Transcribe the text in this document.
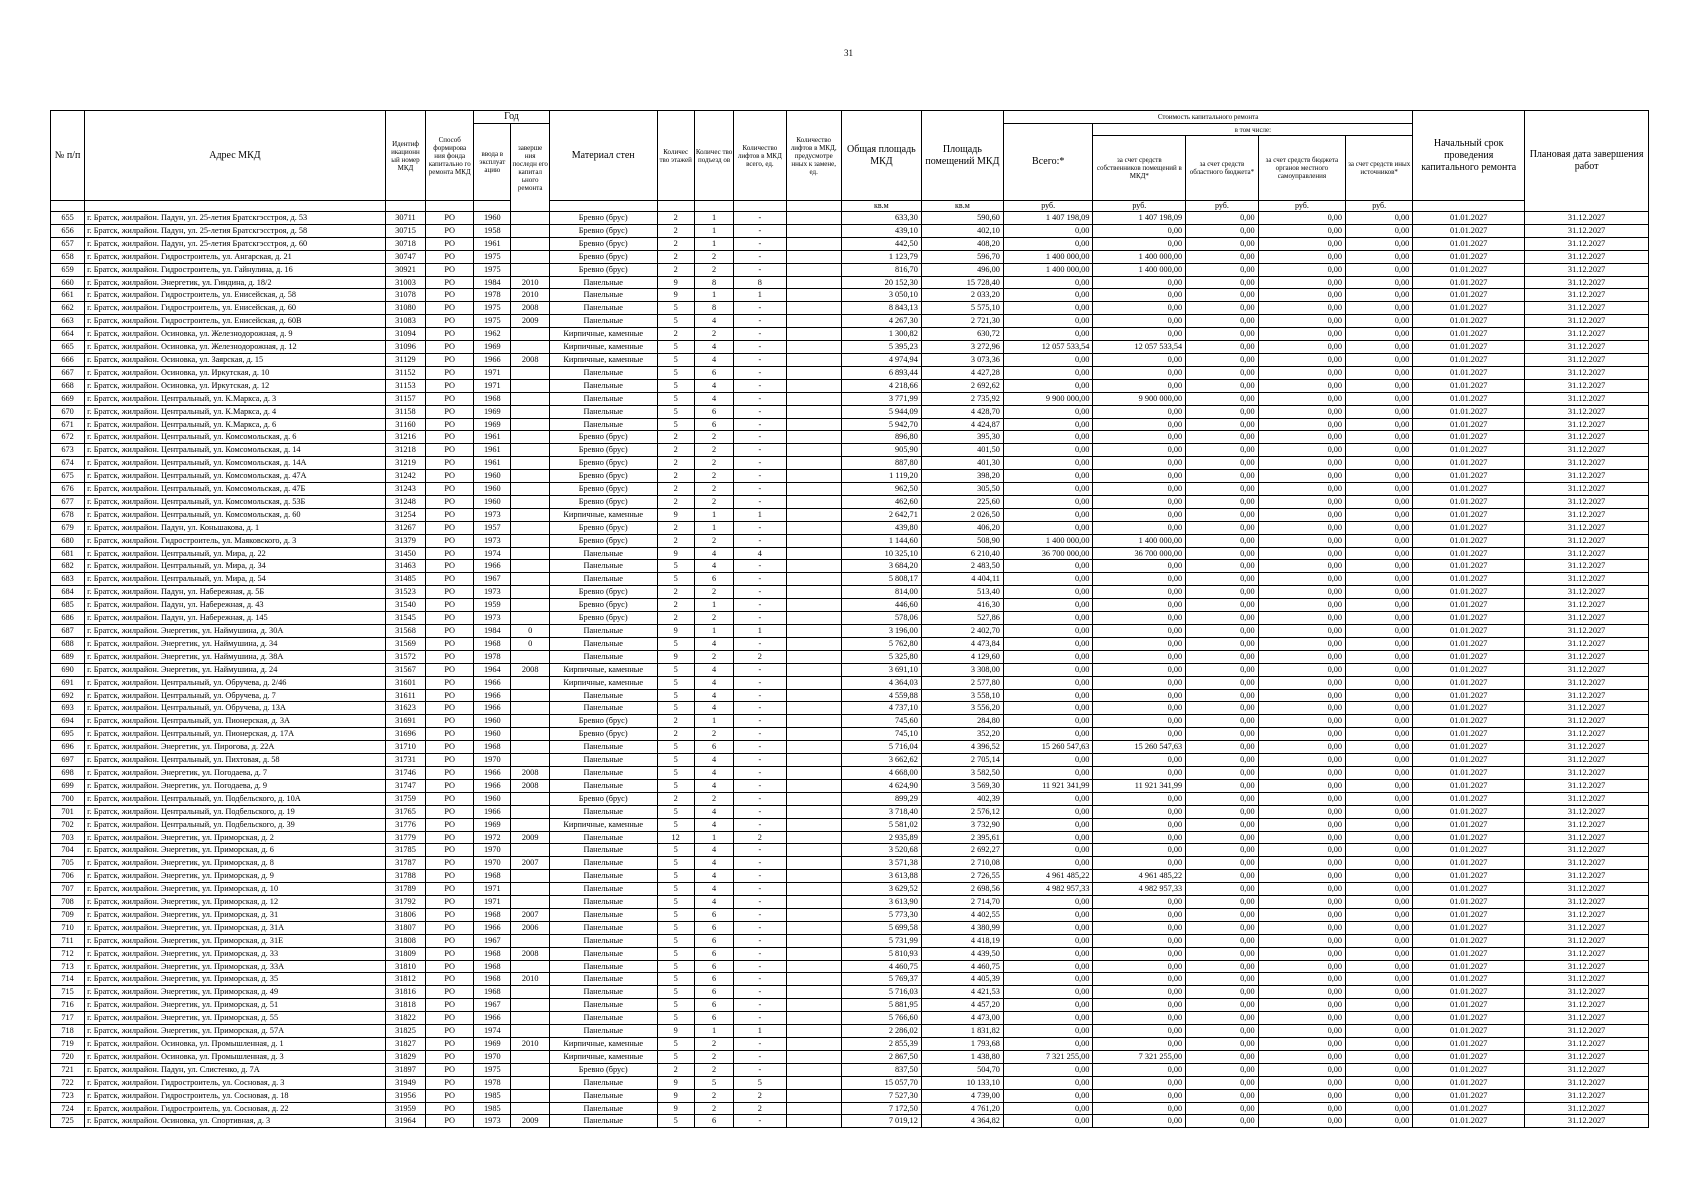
31
№ п/п	Адрес МКД	Идентиф икационн ый номер МКД	Способ формирова ния фонда капитально го ремонта МКД	Год		Материал стен	Количес тво этажей	Количес тво подъезд ов	Количество лифтов в МКД всего, ед.	Количество лифтов в МКД, предусмотре нных к замене, ед.	Общая площадь МКД	Площадь помещений МКД	Стоимость капитального ремонта					Начальный срок проведения капитального ремонта	Плановая дата завершения работ
				ввода в эксплуат ацию	заверше ния последн его капитал ьного ремонта								Всего:*	в том числе:					
														за счет средств собственников помещений в МКД*	за счет средств областного бюджета*	за счет средств бюджета органов местного самоуправления	за счет средств иных источников*		
											кв.м	кв.м	руб.	руб.	руб.	руб.	руб.		
655	г. Братск, жилрайон. Падун, ул. 25-летия Братскгэсстроя, д. 53	30711	РО	1960		Бревно (брус)	2	1	-		633,30	590,60	1 407 198,09	1 407 198,09	0,00	0,00	0,00	01.01.2027	31.12.2027
656	г. Братск, жилрайон. Падун, ул. 25-летия Братскгэсстроя, д. 58	30715	РО	1958		Бревно (брус)	2	1	-		439,10	402,10	0,00	0,00	0,00	0,00	0,00	01.01.2027	31.12.2027
657	г. Братск, жилрайон. Падун, ул. 25-летия Братскгэсстроя, д. 60	30718	РО	1961		Бревно (брус)	2	1	-		442,50	408,20	0,00	0,00	0,00	0,00	0,00	01.01.2027	31.12.2027
658	г. Братск, жилрайон. Гидростроитель, ул. Ангарская, д. 21	30747	РО	1975		Бревно (брус)	2	2	-		1 123,79	596,70	1 400 000,00	1 400 000,00	0,00	0,00	0,00	01.01.2027	31.12.2027
659	г. Братск, жилрайон. Гидростроитель, ул. Гайнулина, д. 16	30921	РО	1975		Бревно (брус)	2	2	-		816,70	496,00	1 400 000,00	1 400 000,00	0,00	0,00	0,00	01.01.2027	31.12.2027
660	г. Братск, жилрайон. Энергетик, ул. Гиндина, д. 18/2	31003	РО	1984	2010	Панельные	9	8	8		20 152,30	15 728,40	0,00	0,00	0,00	0,00	0,00	01.01.2027	31.12.2027
661	г. Братск, жилрайон. Гидростроитель, ул. Енисейская, д. 58	31078	РО	1978	2010	Панельные	9	1	1		3 050,10	2 033,20	0,00	0,00	0,00	0,00	0,00	01.01.2027	31.12.2027
662	г. Братск, жилрайон. Гидростроитель, ул. Енисейская, д. 60	31080	РО	1975	2008	Панельные	5	8	-		8 843,13	5 575,10	0,00	0,00	0,00	0,00	0,00	01.01.2027	31.12.2027
663	г. Братск, жилрайон. Гидростроитель, ул. Енисейская, д. 60В	31083	РО	1975	2009	Панельные	5	4	-		4 267,30	2 721,30	0,00	0,00	0,00	0,00	0,00	01.01.2027	31.12.2027
664	г. Братск, жилрайон. Осиновка, ул. Железнодорожная, д. 9	31094	РО	1962		Кирпичные, каменные	2	2	-		1 300,82	630,72	0,00	0,00	0,00	0,00	0,00	01.01.2027	31.12.2027
665	г. Братск, жилрайон. Осиновка, ул. Железнодорожная, д. 12	31096	РО	1969		Кирпичные, каменные	5	4	-		5 395,23	3 272,96	12 057 533,54	12 057 533,54	0,00	0,00	0,00	01.01.2027	31.12.2027
666	г. Братск, жилрайон. Осиновка, ул. Заярская, д. 15	31129	РО	1966	2008	Кирпичные, каменные	5	4	-		4 974,94	3 073,36	0,00	0,00	0,00	0,00	0,00	01.01.2027	31.12.2027
667	г. Братск, жилрайон. Осиновка, ул. Иркутская, д. 10	31152	РО	1971		Панельные	5	6	-		6 893,44	4 427,28	0,00	0,00	0,00	0,00	0,00	01.01.2027	31.12.2027
668	г. Братск, жилрайон. Осиновка, ул. Иркутская, д. 12	31153	РО	1971		Панельные	5	4	-		4 218,66	2 692,62	0,00	0,00	0,00	0,00	0,00	01.01.2027	31.12.2027
669	г. Братск, жилрайон. Центральный, ул. К.Маркса, д. 3	31157	РО	1968		Панельные	5	4	-		3 771,99	2 735,92	9 900 000,00	9 900 000,00	0,00	0,00	0,00	01.01.2027	31.12.2027
670	г. Братск, жилрайон. Центральный, ул. К.Маркса, д. 4	31158	РО	1969		Панельные	5	6	-		5 944,09	4 428,70	0,00	0,00	0,00	0,00	0,00	01.01.2027	31.12.2027
671	г. Братск, жилрайон. Центральный, ул. К.Маркса, д. 6	31160	РО	1969		Панельные	5	6	-		5 942,70	4 424,87	0,00	0,00	0,00	0,00	0,00	01.01.2027	31.12.2027
672	г. Братск, жилрайон. Центральный, ул. Комсомольская, д. 6	31216	РО	1961		Бревно (брус)	2	2	-		896,80	395,30	0,00	0,00	0,00	0,00	0,00	01.01.2027	31.12.2027
673	г. Братск, жилрайон. Центральный, ул. Комсомольская, д. 14	31218	РО	1961		Бревно (брус)	2	2	-		905,90	401,50	0,00	0,00	0,00	0,00	0,00	01.01.2027	31.12.2027
674	г. Братск, жилрайон. Центральный, ул. Комсомольская, д. 14А	31219	РО	1961		Бревно (брус)	2	2	-		887,80	401,30	0,00	0,00	0,00	0,00	0,00	01.01.2027	31.12.2027
675	г. Братск, жилрайон. Центральный, ул. Комсомольская, д. 47А	31242	РО	1960		Бревно (брус)	2	2	-		1 119,20	398,20	0,00	0,00	0,00	0,00	0,00	01.01.2027	31.12.2027
676	г. Братск, жилрайон. Центральный, ул. Комсомольская, д. 47Б	31243	РО	1960		Бревно (брус)	2	2	-		962,50	305,50	0,00	0,00	0,00	0,00	0,00	01.01.2027	31.12.2027
677	г. Братск, жилрайон. Центральный, ул. Комсомольская, д. 53Б	31248	РО	1960		Бревно (брус)	2	2	-		462,60	225,60	0,00	0,00	0,00	0,00	0,00	01.01.2027	31.12.2027
678	г. Братск, жилрайон. Центральный, ул. Комсомольская, д. 60	31254	РО	1973		Кирпичные, каменные	9	1	1		2 642,71	2 026,50	0,00	0,00	0,00	0,00	0,00	01.01.2027	31.12.2027
679	г. Братск, жилрайон. Падун, ул. Коньшакова, д. 1	31267	РО	1957		Бревно (брус)	2	1	-		439,80	406,20	0,00	0,00	0,00	0,00	0,00	01.01.2027	31.12.2027
680	г. Братск, жилрайон. Гидростроитель, ул. Маяковского, д. 3	31379	РО	1973		Бревно (брус)	2	2	-		1 144,60	508,90	1 400 000,00	1 400 000,00	0,00	0,00	0,00	01.01.2027	31.12.2027
681	г. Братск, жилрайон. Центральный, ул. Мира, д. 22	31450	РО	1974		Панельные	9	4	4		10 325,10	6 210,40	36 700 000,00	36 700 000,00	0,00	0,00	0,00	01.01.2027	31.12.2027
682	г. Братск, жилрайон. Центральный, ул. Мира, д. 34	31463	РО	1966		Панельные	5	4	-		3 684,20	2 483,50	0,00	0,00	0,00	0,00	0,00	01.01.2027	31.12.2027
683	г. Братск, жилрайон. Центральный, ул. Мира, д. 54	31485	РО	1967		Панельные	5	6	-		5 808,17	4 404,11	0,00	0,00	0,00	0,00	0,00	01.01.2027	31.12.2027
684	г. Братск, жилрайон. Падун, ул. Набережная, д. 5Б	31523	РО	1973		Бревно (брус)	2	2	-		814,00	513,40	0,00	0,00	0,00	0,00	0,00	01.01.2027	31.12.2027
685	г. Братск, жилрайон. Падун, ул. Набережная, д. 43	31540	РО	1959		Бревно (брус)	2	1	-		446,60	416,30	0,00	0,00	0,00	0,00	0,00	01.01.2027	31.12.2027
686	г. Братск, жилрайон. Падун, ул. Набережная, д. 145	31545	РО	1973		Бревно (брус)	2	2	-		578,06	527,86	0,00	0,00	0,00	0,00	0,00	01.01.2027	31.12.2027
687	г. Братск, жилрайон. Энергетик, ул. Наймушина, д. 30А	31568	РО	1984	0	Панельные	9	1	1		3 196,00	2 402,70	0,00	0,00	0,00	0,00	0,00	01.01.2027	31.12.2027
688	г. Братск, жилрайон. Энергетик, ул. Наймушина, д. 34	31569	РО	1968	0	Панельные	5	4	-		5 762,80	4 473,84	0,00	0,00	0,00	0,00	0,00	01.01.2027	31.12.2027
689	г. Братск, жилрайон. Энергетик, ул. Наймушина, д. 38А	31572	РО	1978		Панельные	9	2	2		5 325,80	4 129,60	0,00	0,00	0,00	0,00	0,00	01.01.2027	31.12.2027
690	г. Братск, жилрайон. Энергетик, ул. Наймушина, д. 24	31567	РО	1964	2008	Кирпичные, каменные	5	4	-		3 691,10	3 308,00	0,00	0,00	0,00	0,00	0,00	01.01.2027	31.12.2027
691	г. Братск, жилрайон. Центральный, ул. Обручева, д. 2/46	31601	РО	1966		Кирпичные, каменные	5	4	-		4 364,03	2 577,80	0,00	0,00	0,00	0,00	0,00	01.01.2027	31.12.2027
692	г. Братск, жилрайон. Центральный, ул. Обручева, д. 7	31611	РО	1966		Панельные	5	4	-		4 559,88	3 558,10	0,00	0,00	0,00	0,00	0,00	01.01.2027	31.12.2027
693	г. Братск, жилрайон. Центральный, ул. Обручева, д. 13А	31623	РО	1966		Панельные	5	4	-		4 737,10	3 556,20	0,00	0,00	0,00	0,00	0,00	01.01.2027	31.12.2027
694	г. Братск, жилрайон. Центральный, ул. Пионерская, д. 3А	31691	РО	1960		Бревно (брус)	2	1	-		745,60	284,80	0,00	0,00	0,00	0,00	0,00	01.01.2027	31.12.2027
695	г. Братск, жилрайон. Центральный, ул. Пионерская, д. 17А	31696	РО	1960		Бревно (брус)	2	2	-		745,10	352,20	0,00	0,00	0,00	0,00	0,00	01.01.2027	31.12.2027
696	г. Братск, жилрайон. Энергетик, ул. Пирогова, д. 22А	31710	РО	1968		Панельные	5	6	-		5 716,04	4 396,52	15 260 547,63	15 260 547,63	0,00	0,00	0,00	01.01.2027	31.12.2027
697	г. Братск, жилрайон. Центральный, ул. Пихтовая, д. 58	31731	РО	1970		Панельные	5	4	-		3 662,62	2 705,14	0,00	0,00	0,00	0,00	0,00	01.01.2027	31.12.2027
698	г. Братск, жилрайон. Энергетик, ул. Погодаева, д. 7	31746	РО	1966	2008	Панельные	5	4	-		4 668,00	3 582,50	0,00	0,00	0,00	0,00	0,00	01.01.2027	31.12.2027
699	г. Братск, жилрайон. Энергетик, ул. Погодаева, д. 9	31747	РО	1966	2008	Панельные	5	4	-		4 624,90	3 569,30	11 921 341,99	11 921 341,99	0,00	0,00	0,00	01.01.2027	31.12.2027
700	г. Братск, жилрайон. Центральный, ул. Подбельского, д. 10А	31759	РО	1960		Бревно (брус)	2	2	-		899,29	402,39	0,00	0,00	0,00	0,00	0,00	01.01.2027	31.12.2027
701	г. Братск, жилрайон. Центральный, ул. Подбельского, д. 19	31765	РО	1966		Панельные	5	4	-		3 718,40	2 576,12	0,00	0,00	0,00	0,00	0,00	01.01.2027	31.12.2027
702	г. Братск, жилрайон. Центральный, ул. Подбельского, д. 39	31776	РО	1969		Кирпичные, каменные	5	4	-		5 581,02	3 732,90	0,00	0,00	0,00	0,00	0,00	01.01.2027	31.12.2027
703	г. Братск, жилрайон. Энергетик, ул. Приморская, д. 2	31779	РО	1972	2009	Панельные	12	1	2		2 935,89	2 395,61	0,00	0,00	0,00	0,00	0,00	01.01.2027	31.12.2027
704	г. Братск, жилрайон. Энергетик, ул. Приморская, д. 6	31785	РО	1970		Панельные	5	4	-		3 520,68	2 692,27	0,00	0,00	0,00	0,00	0,00	01.01.2027	31.12.2027
705	г. Братск, жилрайон. Энергетик, ул. Приморская, д. 8	31787	РО	1970	2007	Панельные	5	4	-		3 571,38	2 710,08	0,00	0,00	0,00	0,00	0,00	01.01.2027	31.12.2027
706	г. Братск, жилрайон. Энергетик, ул. Приморская, д. 9	31788	РО	1968		Панельные	5	4	-		3 613,88	2 726,55	4 961 485,22	4 961 485,22	0,00	0,00	0,00	01.01.2027	31.12.2027
707	г. Братск, жилрайон. Энергетик, ул. Приморская, д. 10	31789	РО	1971		Панельные	5	4	-		3 629,52	2 698,56	4 982 957,33	4 982 957,33	0,00	0,00	0,00	01.01.2027	31.12.2027
708	г. Братск, жилрайон. Энергетик, ул. Приморская, д. 12	31792	РО	1971		Панельные	5	4	-		3 613,90	2 714,70	0,00	0,00	0,00	0,00	0,00	01.01.2027	31.12.2027
709	г. Братск, жилрайон. Энергетик, ул. Приморская, д. 31	31806	РО	1968	2007	Панельные	5	6	-		5 773,30	4 402,55	0,00	0,00	0,00	0,00	0,00	01.01.2027	31.12.2027
710	г. Братск, жилрайон. Энергетик, ул. Приморская, д. 31А	31807	РО	1966	2006	Панельные	5	6	-		5 699,58	4 380,99	0,00	0,00	0,00	0,00	0,00	01.01.2027	31.12.2027
711	г. Братск, жилрайон. Энергетик, ул. Приморская, д. 31Е	31808	РО	1967		Панельные	5	6	-		5 731,99	4 418,19	0,00	0,00	0,00	0,00	0,00	01.01.2027	31.12.2027
712	г. Братск, жилрайон. Энергетик, ул. Приморская, д. 33	31809	РО	1968	2008	Панельные	5	6	-		5 810,93	4 439,50	0,00	0,00	0,00	0,00	0,00	01.01.2027	31.12.2027
713	г. Братск, жилрайон. Энергетик, ул. Приморская, д. 33А	31810	РО	1968		Панельные	5	6	-		4 460,75	4 460,75	0,00	0,00	0,00	0,00	0,00	01.01.2027	31.12.2027
714	г. Братск, жилрайон. Энергетик, ул. Приморская, д. 35	31812	РО	1968	2010	Панельные	5	6	-		5 769,37	4 405,39	0,00	0,00	0,00	0,00	0,00	01.01.2027	31.12.2027
715	г. Братск, жилрайон. Энергетик, ул. Приморская, д. 49	31816	РО	1968		Панельные	5	6	-		5 716,03	4 421,53	0,00	0,00	0,00	0,00	0,00	01.01.2027	31.12.2027
716	г. Братск, жилрайон. Энергетик, ул. Приморская, д. 51	31818	РО	1967		Панельные	5	6	-		5 881,95	4 457,20	0,00	0,00	0,00	0,00	0,00	01.01.2027	31.12.2027
717	г. Братск, жилрайон. Энергетик, ул. Приморская, д. 55	31822	РО	1966		Панельные	5	6	-		5 766,60	4 473,00	0,00	0,00	0,00	0,00	0,00	01.01.2027	31.12.2027
718	г. Братск, жилрайон. Энергетик, ул. Приморская, д. 57А	31825	РО	1974		Панельные	9	1	1		2 286,02	1 831,82	0,00	0,00	0,00	0,00	0,00	01.01.2027	31.12.2027
719	г. Братск, жилрайон. Осиновка, ул. Промышленная, д. 1	31827	РО	1969	2010	Кирпичные, каменные	5	2	-		2 855,39	1 793,68	0,00	0,00	0,00	0,00	0,00	01.01.2027	31.12.2027
720	г. Братск, жилрайон. Осиновка, ул. Промышленная, д. 3	31829	РО	1970		Кирпичные, каменные	5	2	-		2 867,50	1 438,80	7 321 255,00	7 321 255,00	0,00	0,00	0,00	01.01.2027	31.12.2027
721	г. Братск, жилрайон. Падун, ул. Слистенко, д. 7А	31897	РО	1975		Бревно (брус)	2	2	-		837,50	504,70	0,00	0,00	0,00	0,00	0,00	01.01.2027	31.12.2027
722	г. Братск, жилрайон. Гидростроитель, ул. Сосновая, д. 3	31949	РО	1978		Панельные	9	5	5		15 057,70	10 133,10	0,00	0,00	0,00	0,00	0,00	01.01.2027	31.12.2027
723	г. Братск, жилрайон. Гидростроитель, ул. Сосновая, д. 18	31956	РО	1985		Панельные	9	2	2		7 527,30	4 739,00	0,00	0,00	0,00	0,00	0,00	01.01.2027	31.12.2027
724	г. Братск, жилрайон. Гидростроитель, ул. Сосновая, д. 22	31959	РО	1985		Панельные	9	2	2		7 172,50	4 761,20	0,00	0,00	0,00	0,00	0,00	01.01.2027	31.12.2027
725	г. Братск, жилрайон. Осиновка, ул. Спортивная, д. 3	31964	РО	1973	2009	Панельные	5	6	-		7 019,12	4 364,82	0,00	0,00	0,00	0,00	0,00	01.01.2027	31.12.2027
